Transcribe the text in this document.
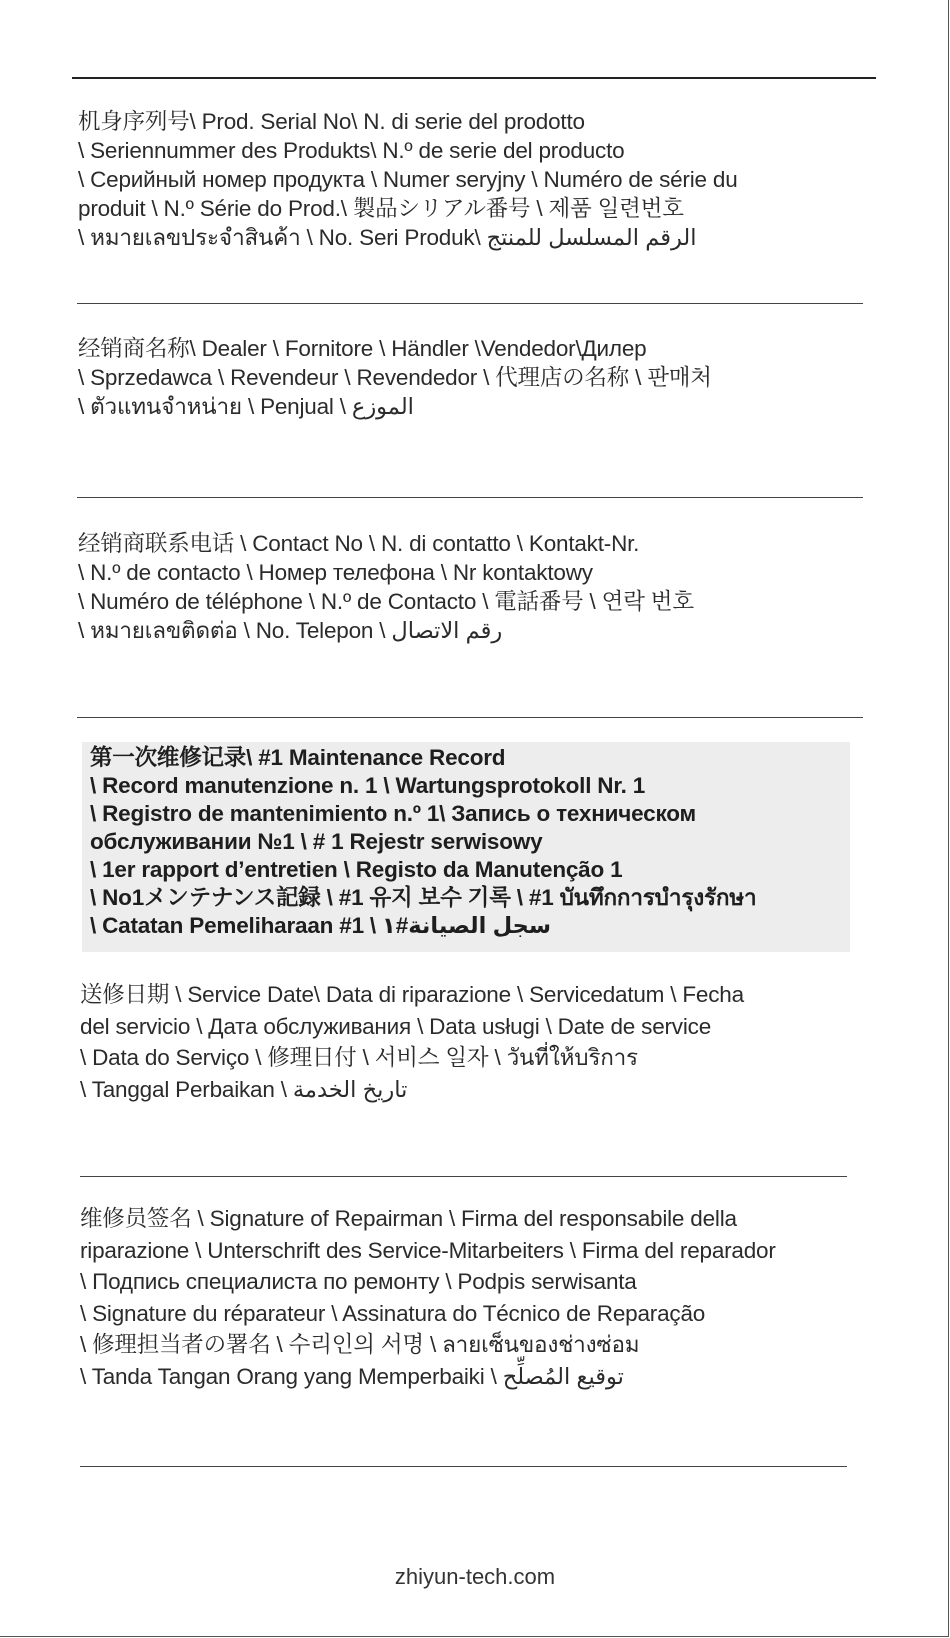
机身序列号\ Prod. Serial No\ N. di serie del prodotto
\ Seriennummer des Produkts\ N.º de serie del producto
\ Серийный номер продукта \ Numer seryjny \ Numéro de série du
produit \ N.º Série do Prod.\ 製品シリアル番号 \ 제품 일련번호
\ หมายเลขประจำสินค้า \ No. Seri Produk\ الرقم المسلسل للمنتج
经销商名称\ Dealer \ Fornitore \ Händler \Vendedor\Дилер
\ Sprzedawca \ Revendeur \ Revendedor \ 代理店の名称 \ 판매처
\ ตัวแทนจำหน่าย \ Penjual \ الموزع
经销商联系电话 \ Contact No \ N. di contatto \ Kontakt-Nr.
\ N.º de contacto \ Номер телефона \ Nr kontaktowy
\ Numéro de téléphone \ N.º de Contacto \ 電話番号 \ 연락 번호
\ หมายเลขติดต่อ \ No. Telepon \ رقم الاتصال
第一次维修记录\ #1 Maintenance Record
\ Record manutenzione n. 1 \ Wartungsprotokoll Nr. 1
\ Registro de mantenimiento n.º 1\ Запись о техническом
обслуживании №1 \ # 1 Rejestr serwisowy
\ 1er rapport d’entretien \ Registo da Manutenção 1
\ No1メンテナンス記録 \ #1 유지 보수 기록 \ #1 บันทึกการบำรุงรักษา
\ Catatan Pemeliharaan #1 \ سجل الصيانة#١
送修日期 \ Service Date\ Data di riparazione \ Servicedatum \ Fecha
del servicio \ Дата обслуживания \ Data usługi \ Date de service
\ Data do Serviço \ 修理日付 \ 서비스 일자 \ วันที่ให้บริการ
\ Tanggal Perbaikan \ تاريخ الخدمة
维修员签名 \ Signature of Repairman \ Firma del responsabile della
riparazione \ Unterschrift des Service-Mitarbeiters \ Firma del reparador
\ Подпись специалиста по ремонту \ Podpis serwisanta
\ Signature du réparateur \ Assinatura do Técnico de Reparação
\ 修理担当者の署名 \ 수리인의 서명 \ ลายเซ็นของช่างซ่อม
\ Tanda Tangan Orang yang Memperbaiki \ توقيع المُصلِّح
zhiyun-tech.com
